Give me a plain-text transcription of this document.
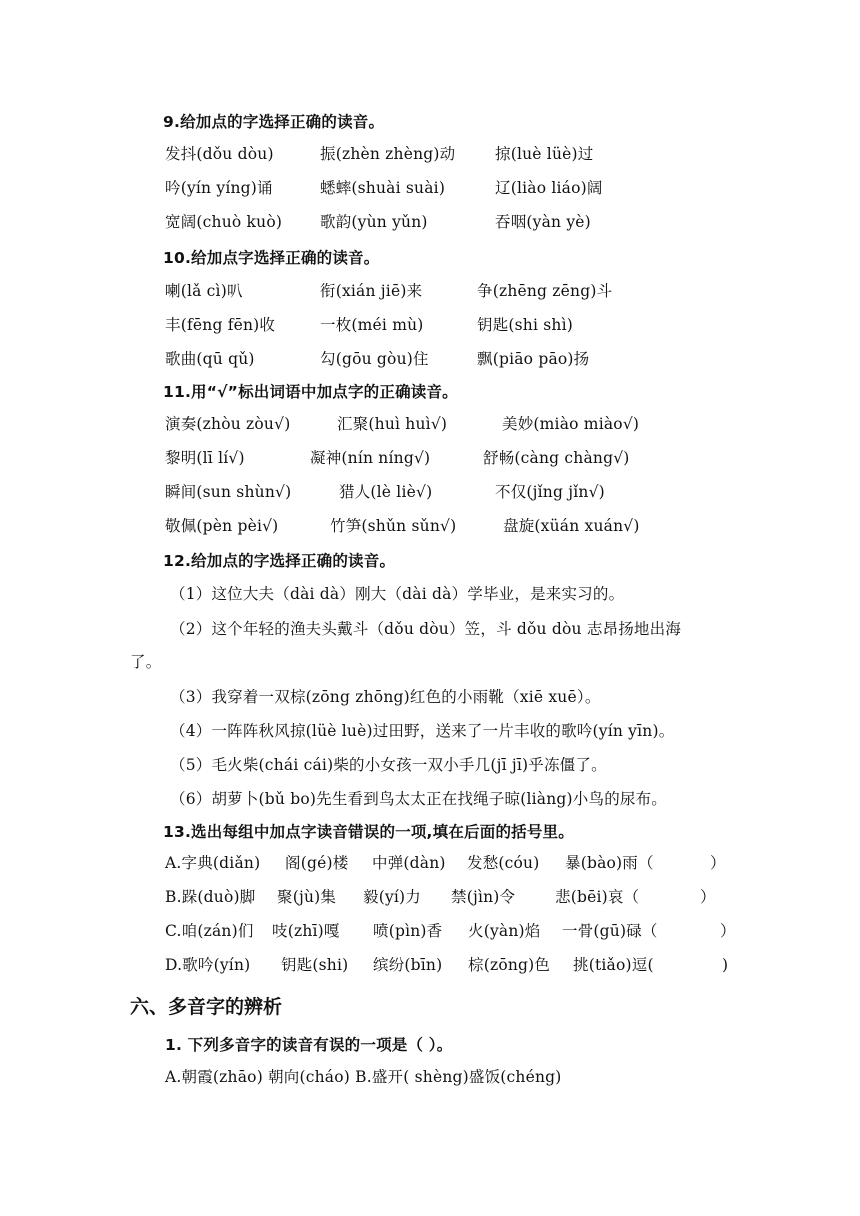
9.给加点的字选择正确的读音。
发抖(dǒu dòu)	振(zhèn zhèng)动	掠(luè lüè)过
吟(yín yíng)诵	蟋蟀(shuài suài)	辽(liào liáo)阔
宽阔(chuò kuò) 歌韵(yùn yǔn)	吞咽(yàn yè)
10.给加点字选择正确的读音。
喇(lǎ cì)叭	衔(xián jiē)来	争(zhēng zēng)斗
丰(fēng fēn)收	一枚(méi mù)	钥匙(shi shì)
歌曲(qū qǔ)	勾(gōu gòu)住	飘(piāo pāo)扬
11.用“√”标出词语中加点字的正确读音。
演奏(zhòu zòu√)	汇聚(huì huì√)	美妙(miào miào√)
黎明(lī lí√)	凝神(nín níng√)	舒畅(càng chàng√)
瞬间(sun shùn√)	猎人(lè liè√)	不仅(jǐng jǐn√)
敬佩(pèn pèi√)	竹笋(shǔn sǔn√)	盘旋(xüán xuán√)
12.给加点的字选择正确的读音。
（1）这位大夫（dài dà）刚大（dài dà）学毕业，是来实习的。
（2）这个年轻的渔夫头戴斗（dǒu dòu）笠，斗 dǒu dòu 志昂扬地出海
了。
（3）我穿着一双棕(zōng zhōng)红色的小雨靴（xiē xuē）。
（4）一阵阵秋风掠(lüè luè)过田野，送来了一片丰收的歌吟(yín yīn)。
（5）毛火柴(chái cái)柴的小女孩一双小手几(jī jī)乎冻僵了。
（6）胡萝卜(bǔ bo)先生看到鸟太太正在找绳子晾(liàng)小鸟的尿布。
13.选出每组中加点字读音错误的一项,填在后面的括号里。
A.字典(diǎn) 阁(gé)楼 中弹(dàn) 发愁(cóu) 暴(bào)雨（	）
B.跺(duò)脚 聚(jù)集 毅(yí)力 禁(jìn)令	悲(bēi)哀（	）
C.咱(zán)们 吱(zhī)嘎 喷(pìn)香 火(yàn)焰 一骨(gū)碌（	）
D.歌吟(yín) 钥匙(shi) 缤纷(bīn) 棕(zōng)色 挑(tiǎo)逗(	)
六、多音字的辨析
1. 下列多音字的读音有误的一项是（ ）。
A.朝霞(zhāo) 朝向(cháo) B.盛开( shèng)盛饭(chéng)
